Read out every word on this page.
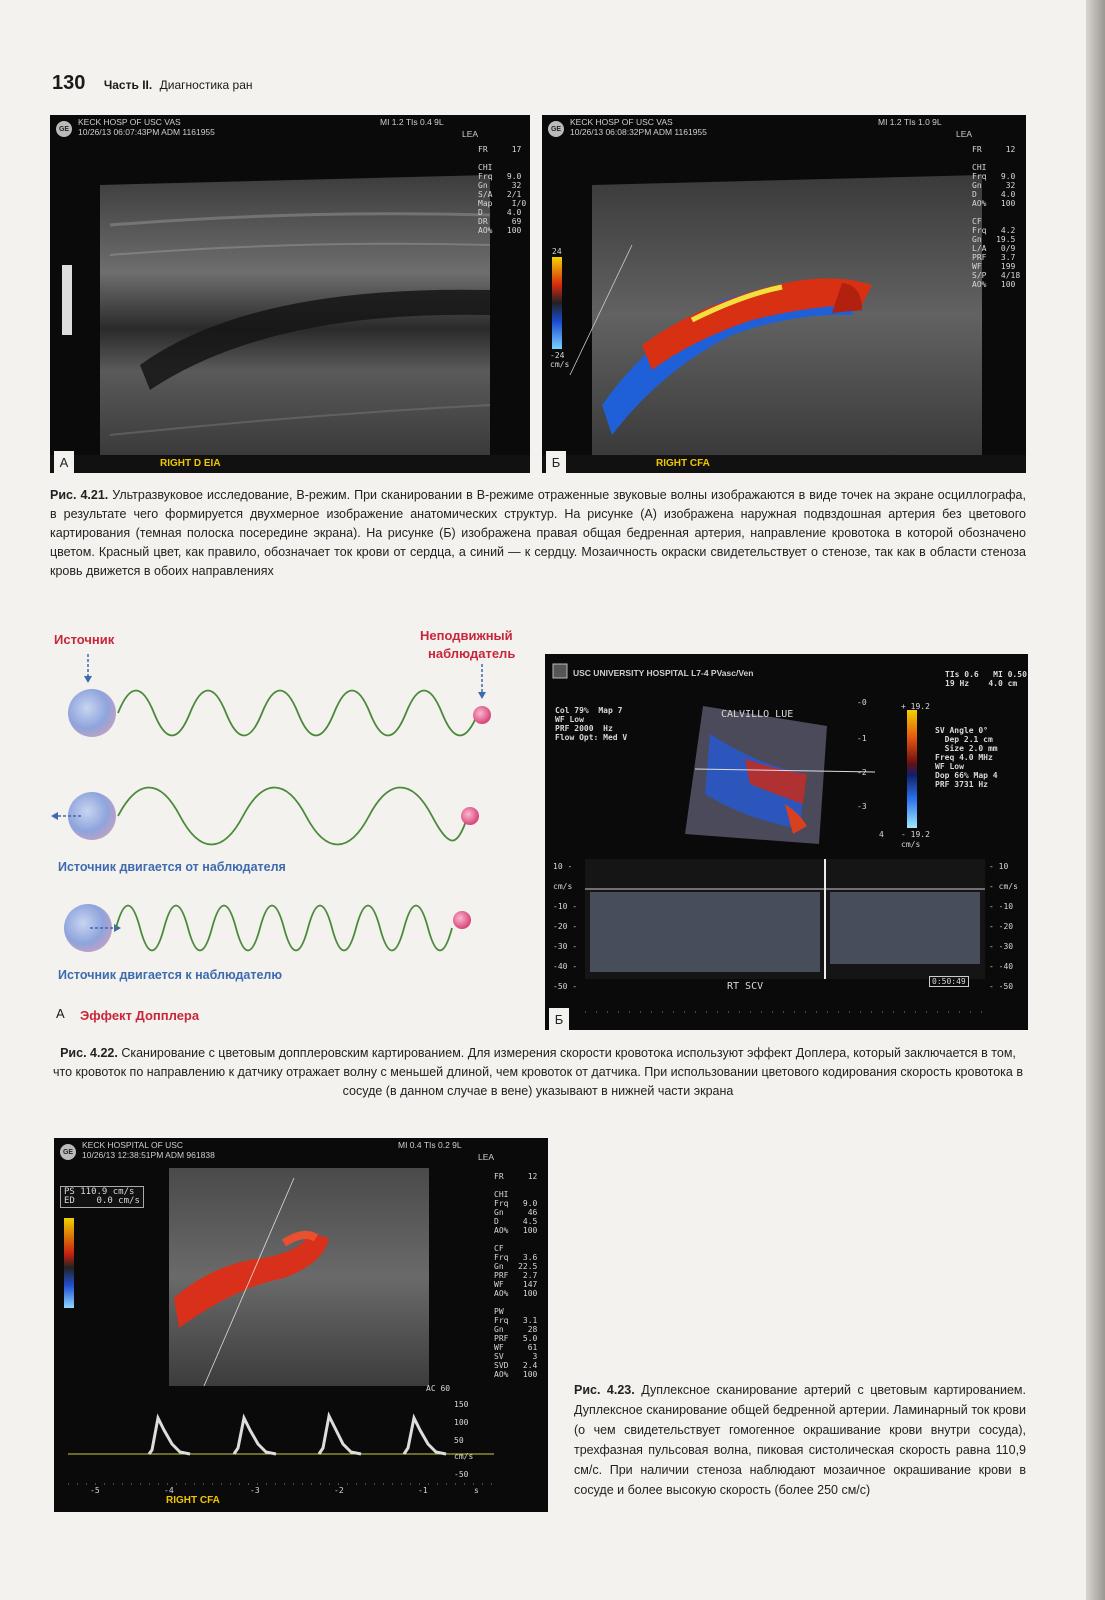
130 Часть II. Диагностика ран
GE
KECK HOSP OF USC VAS
10/26/13 06:07:43PM ADM 1161955
MI 1.2 TIs 0.4 9L
LEA
FR     17

CHI
Frq   9.0
Gn     32
S/A   2/1
Map    I/0
D     4.0
DR     69
AO%   100
RIGHT D EIA
А
GE
KECK HOSP OF USC VAS
10/26/13 06:08:32PM ADM 1161955
MI 1.2 TIs 1.0 9L
LEA
FR     12

CHI
Frq   9.0
Gn     32
D     4.0
AO%   100

CF
Frq   4.2
Gn   19.5
L/A   0/9
PRF   3.7
WF    199
S/P   4/18
AO%   100
24
-24
cm/s
RIGHT CFA
Б
Рис. 4.21. Ультразвуковое исследование, В-режим. При сканировании в В-режиме отраженные звуковые волны изображаются в виде точек на экране осциллографа, в результате чего формируется двухмерное изображение анатомических структур. На рисунке (А) изображена наружная подвздошная артерия без цветового картирования (темная полоска посередине экрана). На рисунке (Б) изображена правая общая бедренная артерия, направление кровотока в которой обозначено цветом. Красный цвет, как правило, обозначает ток крови от сердца, а синий — к сердцу. Мозаичность окраски свидетельствует о стенозе, так как в области стеноза кровь движется в обоих направлениях
Источник	Неподвижный
наблюдатель
Источник двигается от наблюдателя
Источник двигается к наблюдателю
А Эффект Допплера
USC UNIVERSITY HOSPITAL L7-4 PVasc/Ven	TIs 0.6   MI 0.50
19 Hz    4.0 cm
Col 79%  Map 7
WF Low
PRF 2000  Hz
Flow Opt: Med V
CALVILLO LUE
SV Angle 0°
Dep 2.1 cm
Size 2.0 mm
Freq 4.0 MHz
WF Low
Dop 66% Map 4
PRF 3731 Hz
+ 19.2
- 19.2
cm/s
-0
-1
-2
-3
4
10 -
cm/s
-10 -
-20 -
-30 -
-40 -
-50 -
- 10
- cm/s
- -10
- -20
- -30
- -40
- -50
RT SCV	0:50:49
Б
Рис. 4.22. Сканирование с цветовым допплеровским картированием. Для измерения скорости кровотока используют эффект Доплера, который заключается в том, что кровоток по направлению к датчику отражает волну с меньшей длиной, чем кровоток от датчика. При использовании цветового кодирования скорость кровотока в сосуде (в данном случае в вене) указывают в нижней части экрана
GE
KECK HOSPITAL OF USC
10/26/13 12:38:51PM ADM 961838
MI 0.4 TIs 0.2 9L
LEA
PS 110.9 cm/s
ED    0.0 cm/s
FR     12

CHI
Frq   9.0
Gn     46
D     4.5
AO%   100

CF
Frq   3.6
Gn   22.5
PRF   2.7
WF    147
AO%   100

PW
Frq   3.1
Gn     28
PRF   5.0
WF     61
SV      3
SVD   2.4
AO%   100
AC 60
150
100
50
cm/s
-50
-5	-4	-3	-2	-1	s
RIGHT CFA
Рис. 4.23. Дуплексное сканирование артерий с цветовым картированием. Дуплексное сканирование общей бедренной артерии. Ламинарный ток крови (о чем свидетельствует гомогенное окрашивание крови внутри сосуда), трехфазная пульсовая волна, пиковая систолическая скорость равна 110,9 см/с. При наличии стеноза наблюдают мозаичное окрашивание крови в сосуде и более высокую скорость (более 250 см/с)
